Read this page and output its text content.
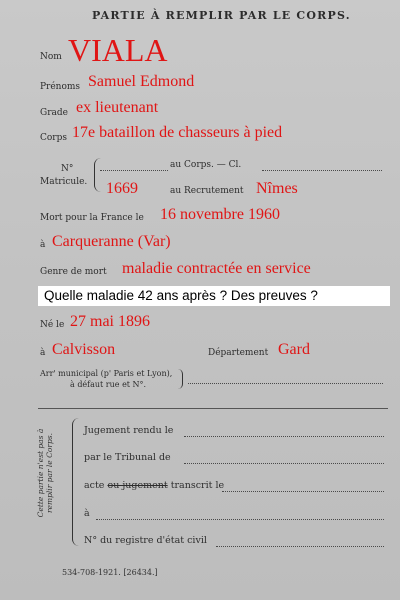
PARTIE À REMPLIR PAR LE CORPS.
Nom VIALA
Prénoms Samuel Edmond
Grade ex lieutenant
Corps 17e bataillon de chasseurs à pied
N°
Matricule.
au Corps. — Cl.
1669	au Recrutement Nîmes
Mort pour la France le 16 novembre 1960
à Carqueranne (Var)
Genre de mort maladie contractée en service
Quelle maladie 42 ans après ? Des preuves ?
Né le 27 mai 1896
à Calvisson	Département Gard
Arr' municipal (p' Paris et Lyon),
à défaut rue et N°.
Cette partie n'est pas à remplir par le Corps.
Jugement rendu le
par le Tribunal de
acte ou jugement transcrit le
à
N° du registre d'état civil
534-708-1921. [26434.]
